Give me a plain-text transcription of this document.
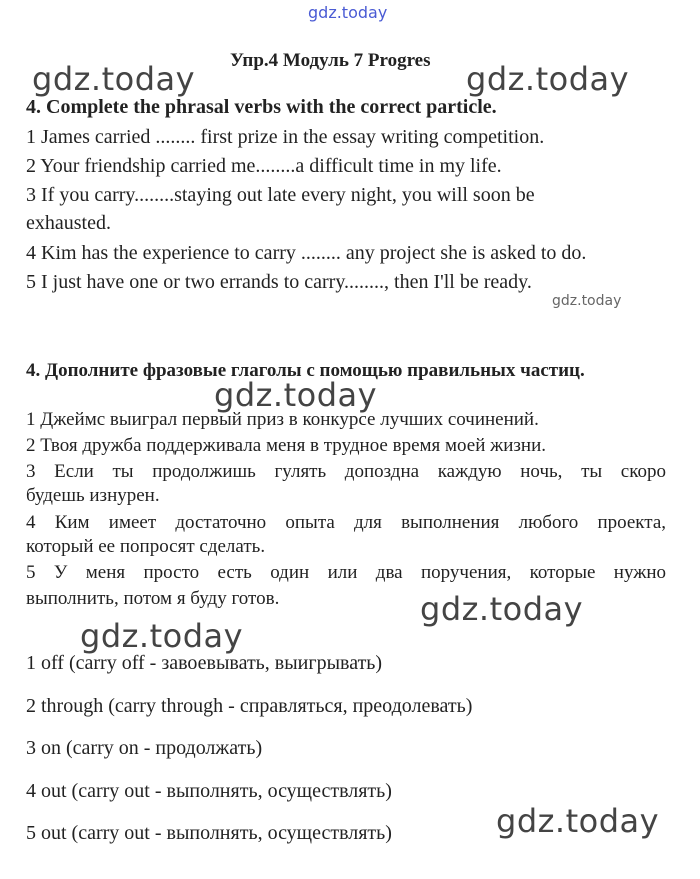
gdz.today
gdz.today	gdz.today
gdz.today
gdz.today
gdz.today
gdz.today
gdz.today
Упр.4 Модуль 7 Progres
4. Complete the phrasal verbs with the correct particle.
1 James carried ........ first prize in the essay writing competition.
2 Your friendship carried me........a difficult time in my life.
3 If you carry........staying out late every night, you will soon be
exhausted.
4 Kim has the experience to carry ........ any project she is asked to do.
5 I just have one or two errands to carry........, then I'll be ready.
4. Дополните фразовые глаголы с помощью правильных частиц.
1 Джеймс выиграл первый приз в конкурсе лучших сочинений.
2 Твоя дружба поддерживала меня в трудное время моей жизни.
3 Если ты продолжишь гулять допоздна каждую ночь, ты скоро
будешь изнурен.
4 Ким имеет достаточно опыта для выполнения любого проекта,
который ее попросят сделать.
5 У меня просто есть один или два поручения, которые нужно
выполнить, потом я буду готов.
1 off (carry off - завоевывать, выигрывать)
2 through (carry through - справляться, преодолевать)
3 on (carry on - продолжать)
4 out (carry out - выполнять, осуществлять)
5 out (carry out - выполнять, осуществлять)
